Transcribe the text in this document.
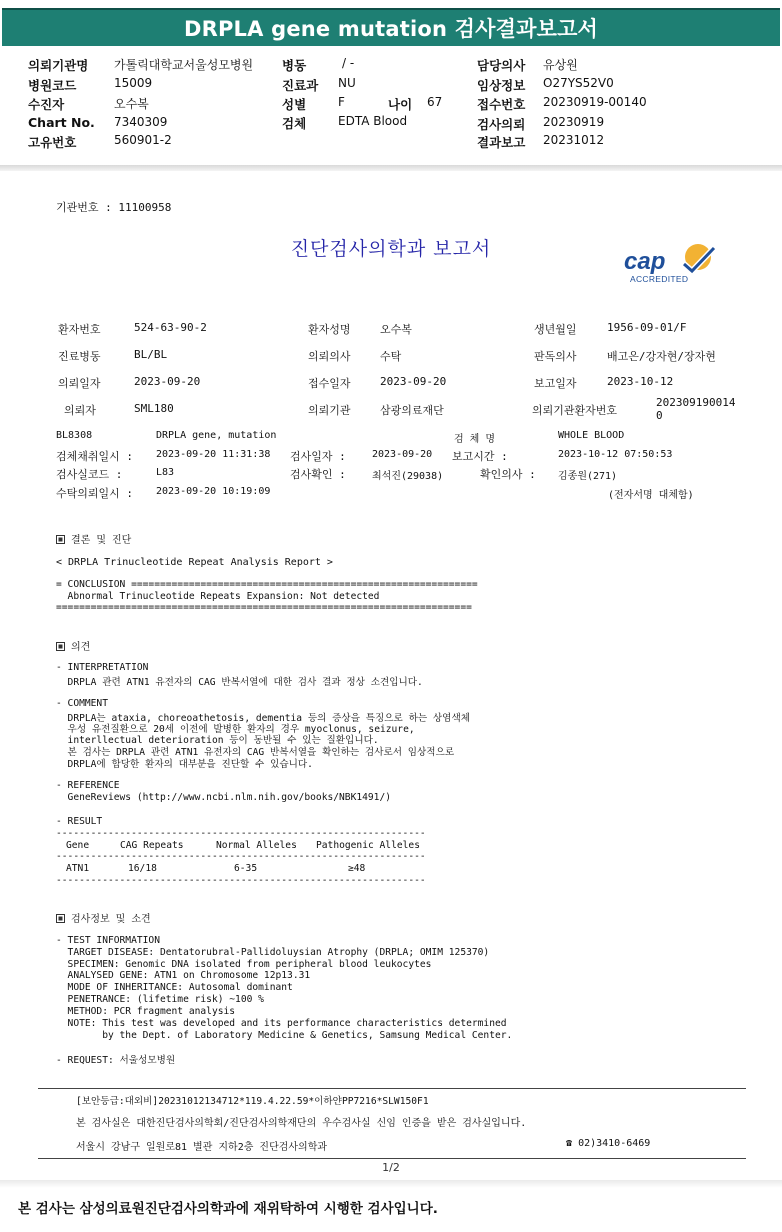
DRPLA gene mutation 검사결과보고서
의뢰기관명 가톨릭대학교서울성모병원
병원코드	15009
수진자	오수복
Chart No. 7340309
고유번호	560901-2
병동	/ -
진료과 NU
성별	F	나이 67
검체	EDTA Blood
담당의사 유상원
임상정보 O27YS52V0
접수번호 20230919-00140
검사의뢰 20230919
결과보고 20231012
기관번호 : 11100958
진단검사의학과 보고서	cap
ACCREDITED
환자번호	524-63-90-2	환자성명	오수복	생년월일	1956-09-01/F
진료병동	BL/BL	의뢰의사	수탁	판독의사	배고은/강자현/장자현
의뢰일자	2023-09-20	접수일자	2023-09-20	보고일자	2023-10-12
의뢰자	SML180	의뢰기관	삼광의료재단	의뢰기관환자번호
202309190014
0
BL8308	DRPLA gene, mutation	검 체 명	WHOLE BLOOD
검체채취일시 : 2023-09-20 11:31:38 검사일자 :	2023-09-20 보고시간 :	2023-10-12 07:50:53
검사실코드 :	L83	검사확인 :	최석진(29038)	확인의사 : 김종원(271)
수탁의뢰일시 : 2023-09-20 10:19:09	(전자서명 대체함)
결론 및 진단
< DRPLA Trinucleotide Repeat Analysis Report >
= CONCLUSION ============================================================
Abnormal Trinucleotide Repeats Expansion: Not detected
========================================================================
의견
- INTERPRETATION
DRPLA 관련 ATN1 유전자의 CAG 반복서열에 대한 검사 결과 정상 소견입니다.
- COMMENT
DRPLA는 ataxia, choreoathetosis, dementia 등의 증상을 특징으로 하는 상염색체
우성 유전질환으로 20세 이전에 발병한 환자의 경우 myoclonus, seizure,
interllectual deterioration 등이 동반될 수 있는 질환입니다.
본 검사는 DRPLA 관련 ATN1 유전자의 CAG 반복서열을 확인하는 검사로서 임상적으로
DRPLA에 합당한 환자의 대부분을 진단할 수 있습니다.
- REFERENCE
GeneReviews (http://www.ncbi.nlm.nih.gov/books/NBK1491/)
- RESULT
----------------------------------------------------------------
Gene	CAG Repeats	Normal Alleles Pathogenic Alleles
----------------------------------------------------------------
ATN1	16/18	6-35	≥48
----------------------------------------------------------------
검사정보 및 소견
- TEST INFORMATION
TARGET DISEASE: Dentatorubral-Pallidoluysian Atrophy (DRPLA; OMIM 125370)
SPECIMEN: Genomic DNA isolated from peripheral blood leukocytes
ANALYSED GENE: ATN1 on Chromosome 12p13.31
MODE OF INHERITANCE: Autosomal dominant
PENETRANCE: (lifetime risk) ~100 %
METHOD: PCR fragment analysis
NOTE: This test was developed and its performance characteristics determined
by the Dept. of Laboratory Medicine & Genetics, Samsung Medical Center.
- REQUEST: 서울성모병원
[보안등급:대외비]20231012134712*119.4.22.59*이하얀PP7216*SLW150F1
본 검사실은 대한진단검사의학회/진단검사의학재단의 우수검사실 신임 인증을 받은 검사실입니다.
서울시 강남구 일원로81 별관 지하2층 진단검사의학과	☎ 02)3410-6469
1/2
본 검사는 삼성의료원진단검사의학과에 재위탁하여 시행한 검사입니다.
